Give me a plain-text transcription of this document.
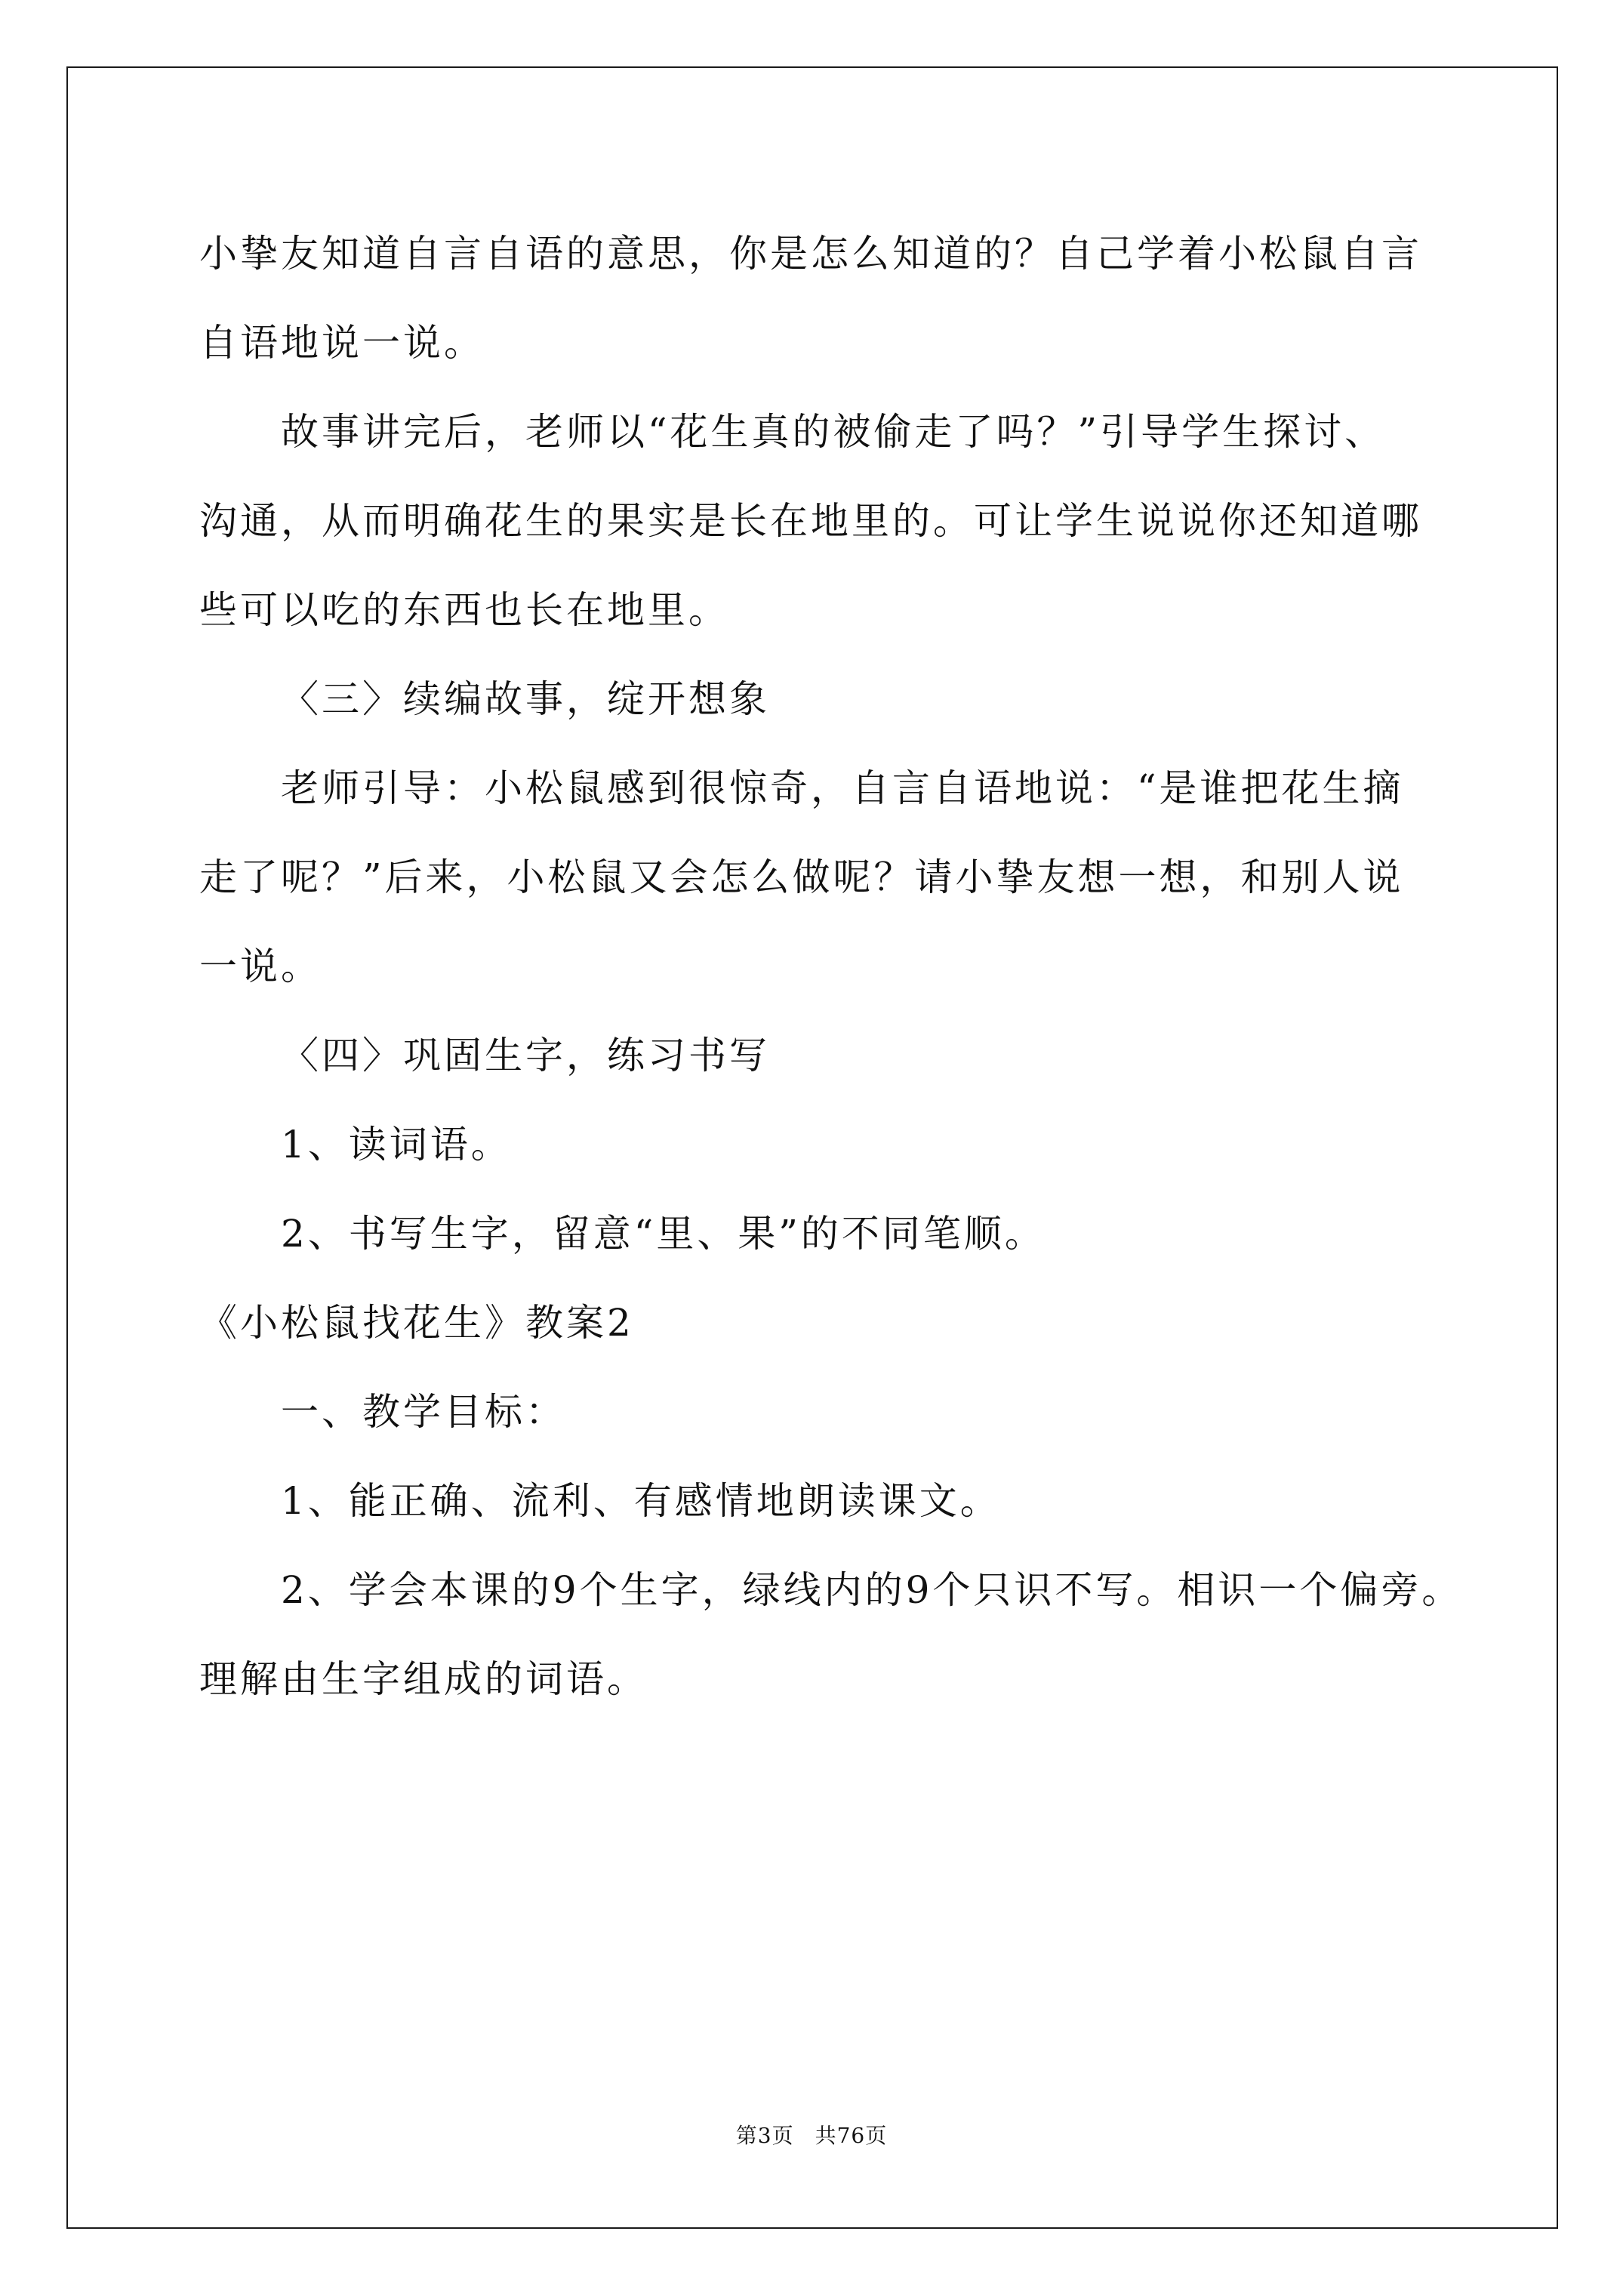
小挚友知道自言自语的意思，你是怎么知道的？自己学着小松鼠自言
自语地说一说。
故事讲完后，老师以“花生真的被偷走了吗？”引导学生探讨、
沟通，从而明确花生的果实是长在地里的。可让学生说说你还知道哪
些可以吃的东西也长在地里。
〈三〉续编故事，绽开想象
老师引导：小松鼠感到很惊奇，自言自语地说：“是谁把花生摘
走了呢？”后来，小松鼠又会怎么做呢？请小挚友想一想，和别人说
一说。
〈四〉巩固生字，练习书写
1、读词语。
2、书写生字，留意“里、果”的不同笔顺。
《小松鼠找花生》教案2
一、教学目标：
1、能正确、流利、有感情地朗读课文。
2、学会本课的9个生字，绿线内的9个只识不写。相识一个偏旁。
理解由生字组成的词语。
第3页 共76页
